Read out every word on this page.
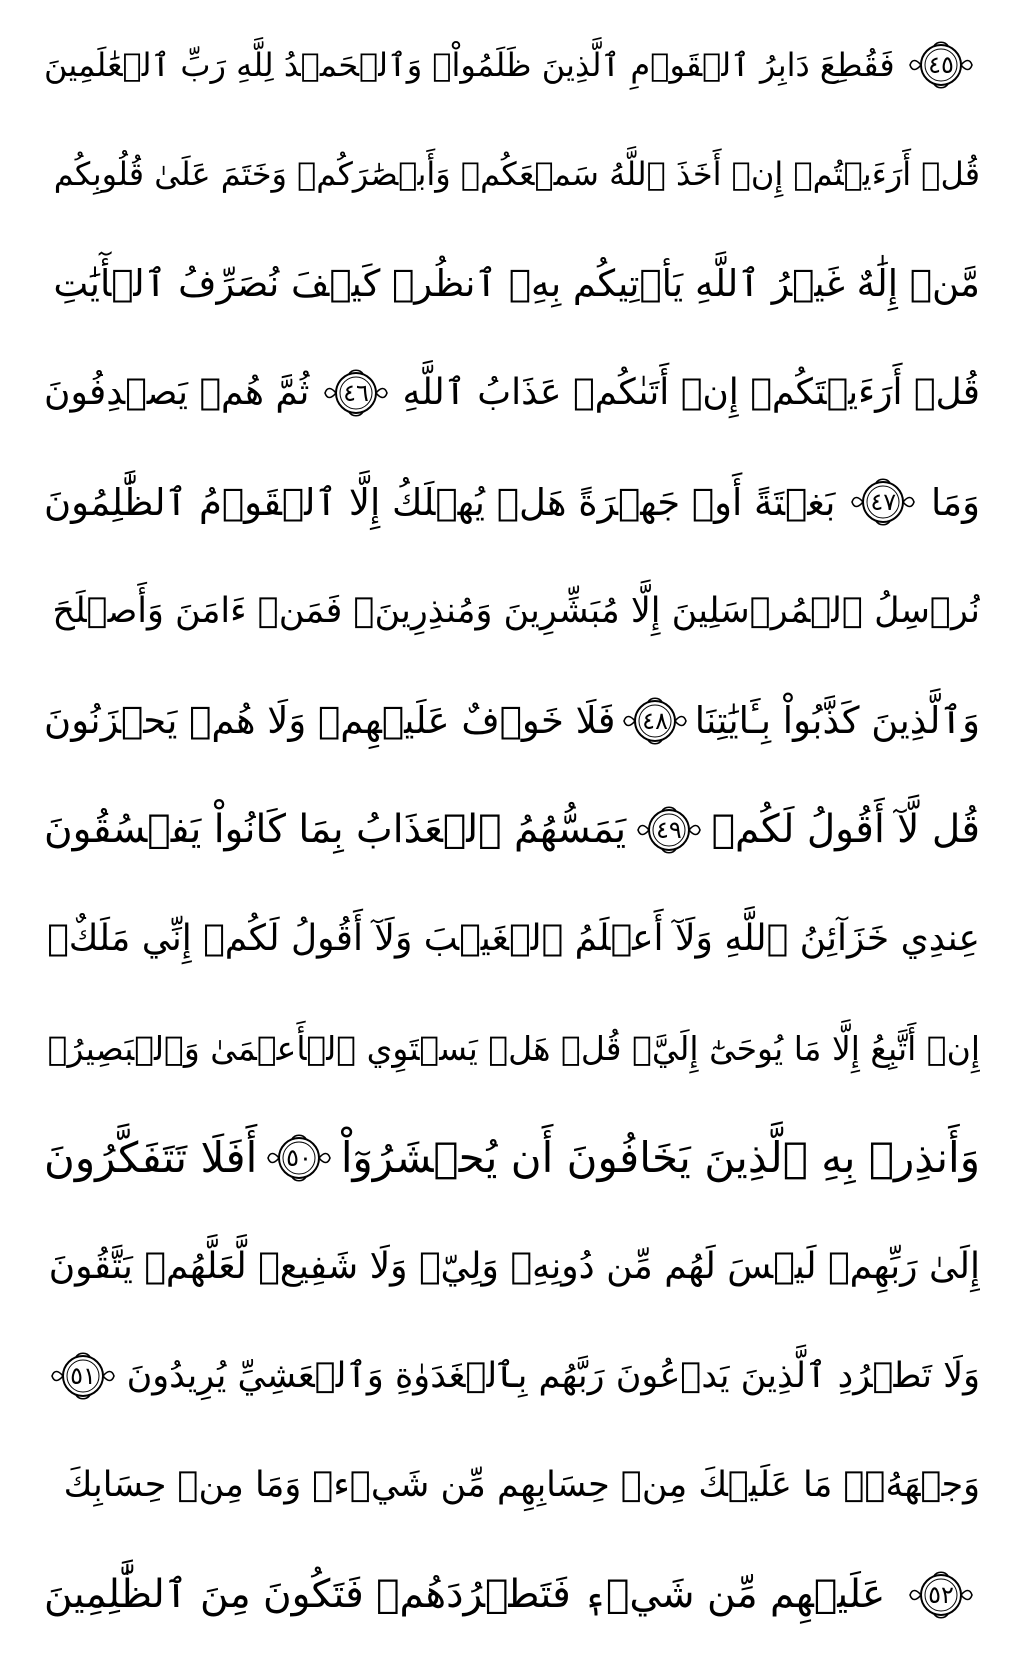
٤٥
فَقُطِعَ دَابِرُ ٱلۡقَوۡمِ ٱلَّذِينَ ظَلَمُواْۚ وَٱلۡحَمۡدُ لِلَّهِ رَبِّ ٱلۡعَٰلَمِينَ
قُلۡ أَرَءَيۡتُمۡ إِنۡ أَخَذَ ٱللَّهُ سَمۡعَكُمۡ وَأَبۡصَٰرَكُمۡ وَخَتَمَ عَلَىٰ قُلُوبِكُم
مَّنۡ إِلَٰهٌ غَيۡرُ ٱللَّهِ يَأۡتِيكُم بِهِۗ ٱنظُرۡ كَيۡفَ نُصَرِّفُ ٱلۡأٓيَٰتِ
قُلۡ أَرَءَيۡتَكُمۡ إِنۡ أَتَىٰكُمۡ عَذَابُ ٱللَّهِ
٤٦
ثُمَّ هُمۡ يَصۡدِفُونَ
وَمَا
٤٧
بَغۡتَةً أَوۡ جَهۡرَةً هَلۡ يُهۡلَكُ إِلَّا ٱلۡقَوۡمُ ٱلظَّٰلِمُونَ
نُرۡسِلُ ٱلۡمُرۡسَلِينَ إِلَّا مُبَشِّرِينَ وَمُنذِرِينَۖ فَمَنۡ ءَامَنَ وَأَصۡلَحَ
وَٱلَّذِينَ كَذَّبُواْ بِـَٔايَٰتِنَا
٤٨
فَلَا خَوۡفٌ عَلَيۡهِمۡ وَلَا هُمۡ يَحۡزَنُونَ
قُل لَّآ أَقُولُ لَكُمۡ
٤٩
يَمَسُّهُمُ ٱلۡعَذَابُ بِمَا كَانُواْ يَفۡسُقُونَ
عِندِي خَزَآئِنُ ٱللَّهِ وَلَآ أَعۡلَمُ ٱلۡغَيۡبَ وَلَآ أَقُولُ لَكُمۡ إِنِّي مَلَكٌۖ
إِنۡ أَتَّبِعُ إِلَّا مَا يُوحَىٰٓ إِلَيَّۚ قُلۡ هَلۡ يَسۡتَوِي ٱلۡأَعۡمَىٰ وَٱلۡبَصِيرُۚ
وَأَنذِرۡ بِهِ ٱلَّذِينَ يَخَافُونَ أَن يُحۡشَرُوٓاْ
٥٠
أَفَلَا تَتَفَكَّرُونَ
إِلَىٰ رَبِّهِمۡ لَيۡسَ لَهُم مِّن دُونِهِۦ وَلِيّٞ وَلَا شَفِيعٞ لَّعَلَّهُمۡ يَتَّقُونَ
وَلَا تَطۡرُدِ ٱلَّذِينَ يَدۡعُونَ رَبَّهُم بِٱلۡغَدَوٰةِ وَٱلۡعَشِيِّ يُرِيدُونَ
٥١
وَجۡهَهُۥۖ مَا عَلَيۡكَ مِنۡ حِسَابِهِم مِّن شَيۡءٖ وَمَا مِنۡ حِسَابِكَ
٥٢
عَلَيۡهِم مِّن شَيۡءٖ فَتَطۡرُدَهُمۡ فَتَكُونَ مِنَ ٱلظَّٰلِمِينَ
